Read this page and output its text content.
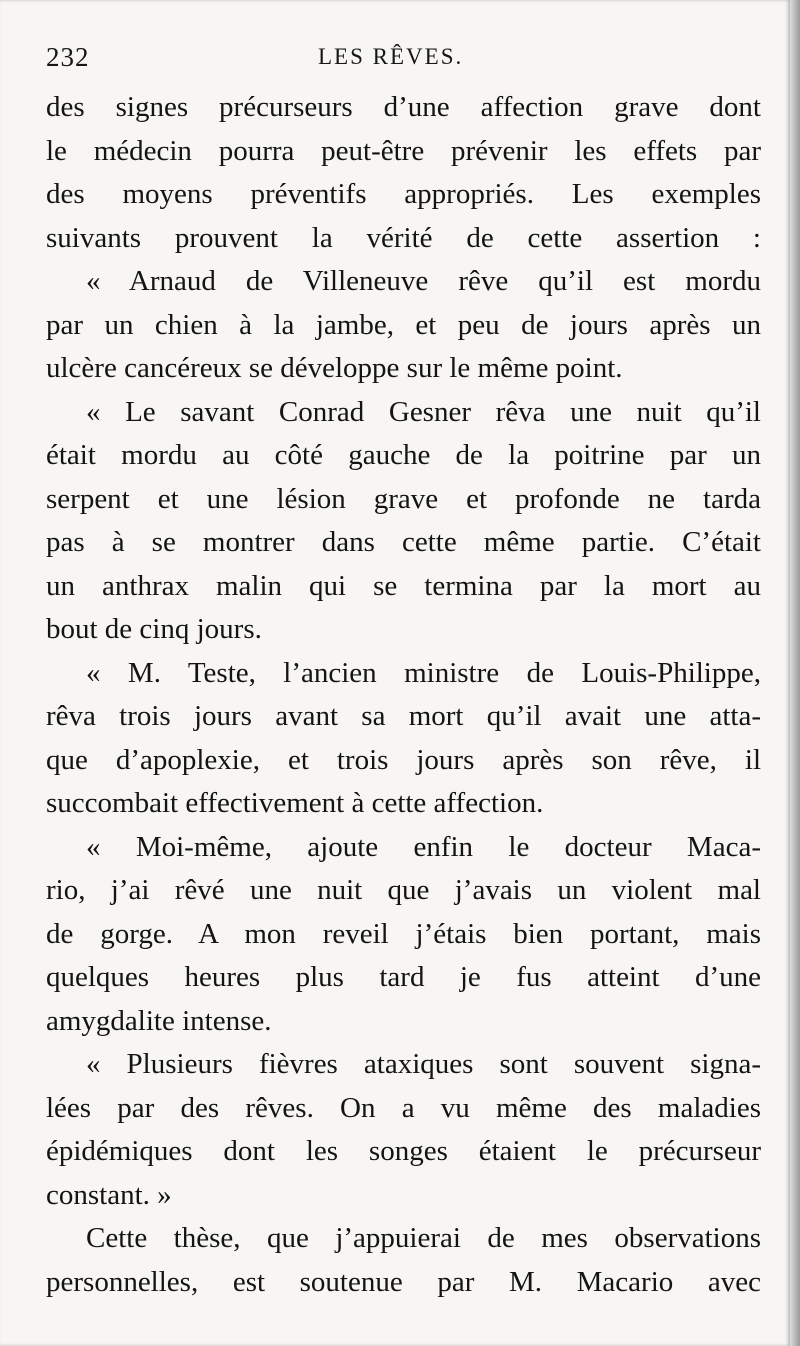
232	LES RÊVES.
des signes précurseurs d’une affection grave dont
le médecin pourra peut-être prévenir les effets par
des moyens préventifs appropriés. Les exemples
suivants prouvent la vérité de cette assertion :
« Arnaud de Villeneuve rêve qu’il est mordu
par un chien à la jambe, et peu de jours après un
ulcère cancéreux se développe sur le même point.
« Le savant Conrad Gesner rêva une nuit qu’il
était mordu au côté gauche de la poitrine par un
serpent et une lésion grave et profonde ne tarda
pas à se montrer dans cette même partie. C’était
un anthrax malin qui se termina par la mort au
bout de cinq jours.
« M. Teste, l’ancien ministre de Louis-Philippe,
rêva trois jours avant sa mort qu’il avait une atta-
que d’apoplexie, et trois jours après son rêve, il
succombait effectivement à cette affection.
« Moi-même, ajoute enfin le docteur Maca-
rio, j’ai rêvé une nuit que j’avais un violent mal
de gorge. A mon reveil j’étais bien portant, mais
quelques heures plus tard je fus atteint d’une
amygdalite intense.
« Plusieurs fièvres ataxiques sont souvent signa-
lées par des rêves. On a vu même des maladies
épidémiques dont les songes étaient le précurseur
constant. »
Cette thèse, que j’appuierai de mes observations
personnelles, est soutenue par M. Macario avec
